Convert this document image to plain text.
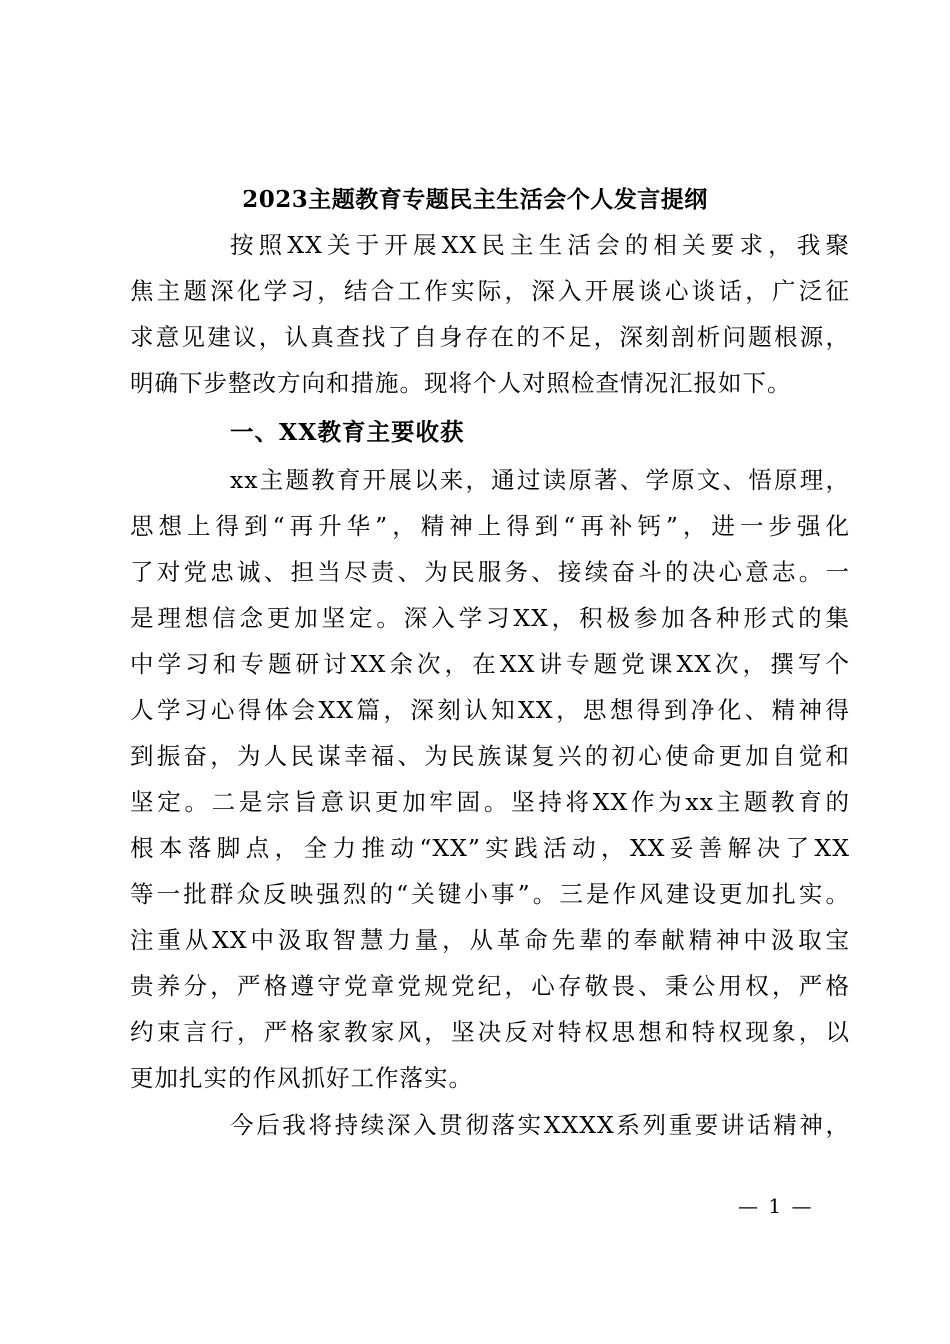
2023主题教育专题民主生活会个人发言提纲
按照XX关于开展XX民主生活会的相关要求，我聚
焦主题深化学习，结合工作实际，深入开展谈心谈话，广泛征
求意见建议，认真查找了自身存在的不足，深刻剖析问题根源，
明确下步整改方向和措施。现将个人对照检查情况汇报如下。
一、XX教育主要收获
xx主题教育开展以来，通过读原著、学原文、悟原理，
思想上得到“再升华”，精神上得到“再补钙”，进一步强化
了对党忠诚、担当尽责、为民服务、接续奋斗的决心意志。一
是理想信念更加坚定。深入学习XX，积极参加各种形式的集
中学习和专题研讨XX余次，在XX讲专题党课XX次，撰写个
人学习心得体会XX篇，深刻认知XX，思想得到净化、精神得
到振奋，为人民谋幸福、为民族谋复兴的初心使命更加自觉和
坚定。二是宗旨意识更加牢固。坚持将XX作为xx主题教育的
根本落脚点，全力推动“XX”实践活动，XX妥善解决了XX
等一批群众反映强烈的“关键小事”。三是作风建设更加扎实。
注重从XX中汲取智慧力量，从革命先辈的奉献精神中汲取宝
贵养分，严格遵守党章党规党纪，心存敬畏、秉公用权，严格
约束言行，严格家教家风，坚决反对特权思想和特权现象，以
更加扎实的作风抓好工作落实。
今后我将持续深入贯彻落实XXXX系列重要讲话精神，
— 1 —
